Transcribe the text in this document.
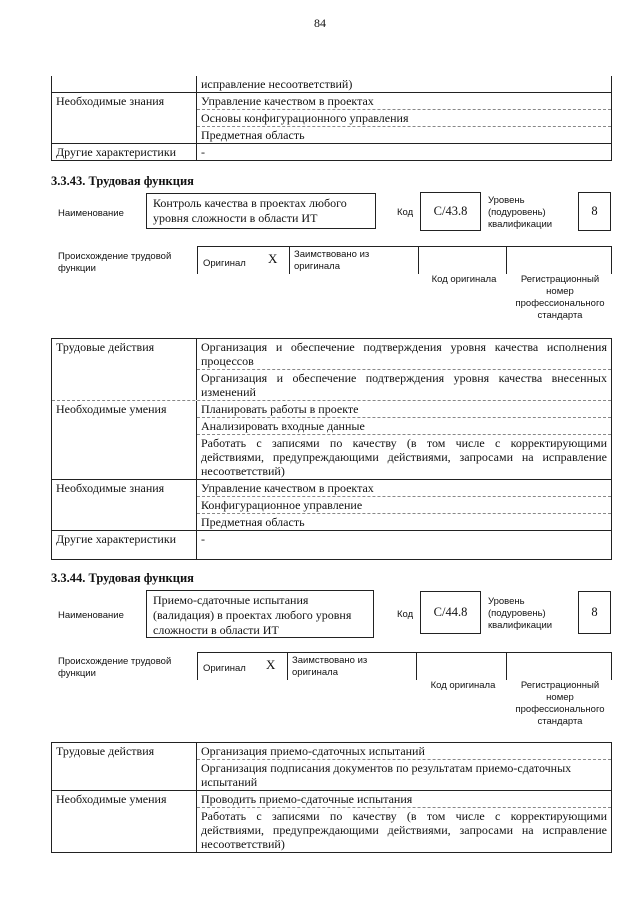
84
исправление несоответствий)
Необходимые знания	Управление качеством в проектах
Основы конфигурационного управления
Предметная область
Другие характеристики	-
3.3.43. Трудовая функция
Наименование
Контроль качества в проектах любого уровня сложности в области ИТ	Код	С/43.8
Уровень (подуровень) квалификации
8
Происхождение трудовой функции	Оригинал X Заимствовано из оригинала
Код оригинала	Регистрационный номер профессионального стандарта
Трудовые действия	Организация и обеспечение подтверждения уровня качества исполнения процессов
Организация и обеспечение подтверждения уровня качества внесенных изменений
Необходимые умения	Планировать работы в проекте
Анализировать входные данные
Работать с записями по качеству (в том числе с корректирующими действиями, предупреждающими действиями, запросами на исправление несоответствий)
Необходимые знания	Управление качеством в проектах
Конфигурационное управление
Предметная область
Другие характеристики	-
3.3.44. Трудовая функция
Наименование
Приемо-сдаточные испытания (валидация) в проектах любого уровня сложности в области ИТ
Код	С/44.8
Уровень (подуровень) квалификации
8
Происхождение трудовой функции	Оригинал X Заимствовано из оригинала
Код оригинала	Регистрационный номер профессионального стандарта
Трудовые действия	Организация приемо-сдаточных испытаний
Организация подписания документов по результатам приемо-сдаточных испытаний
Необходимые умения	Проводить приемо-сдаточные испытания
Работать с записями по качеству (в том числе с корректирующими действиями, предупреждающими действиями, запросами на исправление несоответствий)
